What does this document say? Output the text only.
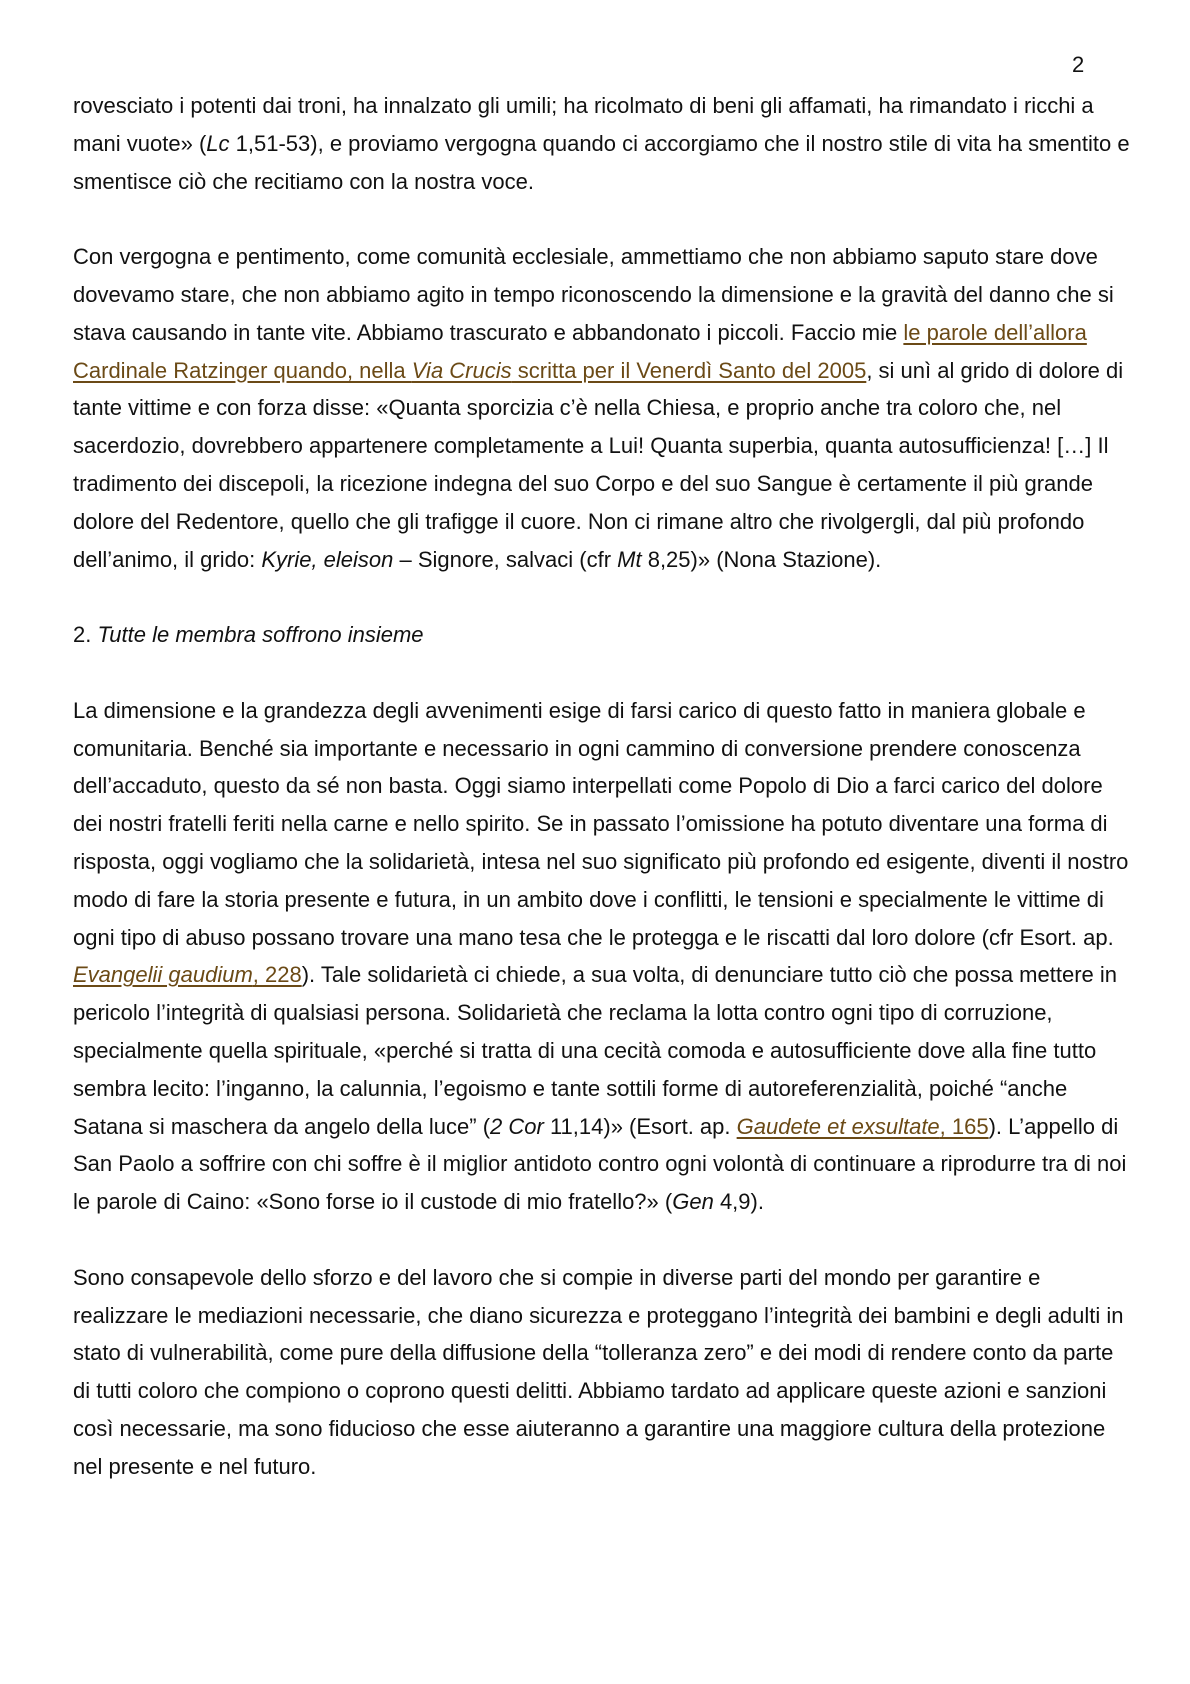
2

rovesciato i potenti dai troni, ha innalzato gli umili; ha ricolmato di beni gli affamati, ha rimandato i ricchi a mani vuote» (Lc 1,51-53), e proviamo vergogna quando ci accorgiamo che il nostro stile di vita ha smentito e smentisce ciò che recitiamo con la nostra voce.

Con vergogna e pentimento, come comunità ecclesiale, ammettiamo che non abbiamo saputo stare dove dovevamo stare, che non abbiamo agito in tempo riconoscendo la dimensione e la gravità del danno che si stava causando in tante vite. Abbiamo trascurato e abbandonato i piccoli. Faccio mie le parole dell’allora Cardinale Ratzinger quando, nella Via Crucis scritta per il Venerdì Santo del 2005, si unì al grido di dolore di tante vittime e con forza disse: «Quanta sporcizia c’è nella Chiesa, e proprio anche tra coloro che, nel sacerdozio, dovrebbero appartenere completamente a Lui! Quanta superbia, quanta autosufficienza! […] Il tradimento dei discepoli, la ricezione indegna del suo Corpo e del suo Sangue è certamente il più grande dolore del Redentore, quello che gli trafigge il cuore. Non ci rimane altro che rivolgergli, dal più profondo dell’animo, il grido: Kyrie, eleison – Signore, salvaci (cfr Mt 8,25)» (Nona Stazione).

2. Tutte le membra soffrono insieme

La dimensione e la grandezza degli avvenimenti esige di farsi carico di questo fatto in maniera globale e comunitaria. Benché sia importante e necessario in ogni cammino di conversione prendere conoscenza dell’accaduto, questo da sé non basta. Oggi siamo interpellati come Popolo di Dio a farci carico del dolore dei nostri fratelli feriti nella carne e nello spirito. Se in passato l’omissione ha potuto diventare una forma di risposta, oggi vogliamo che la solidarietà, intesa nel suo significato più profondo ed esigente, diventi il nostro modo di fare la storia presente e futura, in un ambito dove i conflitti, le tensioni e specialmente le vittime di ogni tipo di abuso possano trovare una mano tesa che le protegga e le riscatti dal loro dolore (cfr Esort. ap. Evangelii gaudium, 228). Tale solidarietà ci chiede, a sua volta, di denunciare tutto ciò che possa mettere in pericolo l’integrità di qualsiasi persona. Solidarietà che reclama la lotta contro ogni tipo di corruzione, specialmente quella spirituale, «perché si tratta di una cecità comoda e autosufficiente dove alla fine tutto sembra lecito: l’inganno, la calunnia, l’egoismo e tante sottili forme di autoreferenzialità, poiché “anche Satana si maschera da angelo della luce” (2 Cor 11,14)» (Esort. ap. Gaudete et exsultate, 165). L’appello di San Paolo a soffrire con chi soffre è il miglior antidoto contro ogni volontà di continuare a riprodurre tra di noi le parole di Caino: «Sono forse io il custode di mio fratello?» (Gen 4,9).

Sono consapevole dello sforzo e del lavoro che si compie in diverse parti del mondo per garantire e realizzare le mediazioni necessarie, che diano sicurezza e proteggano l’integrità dei bambini e degli adulti in stato di vulnerabilità, come pure della diffusione della “tolleranza zero” e dei modi di rendere conto da parte di tutti coloro che compiono o coprono questi delitti. Abbiamo tardato ad applicare queste azioni e sanzioni così necessarie, ma sono fiducioso che esse aiuteranno a garantire una maggiore cultura della protezione nel presente e nel futuro.
